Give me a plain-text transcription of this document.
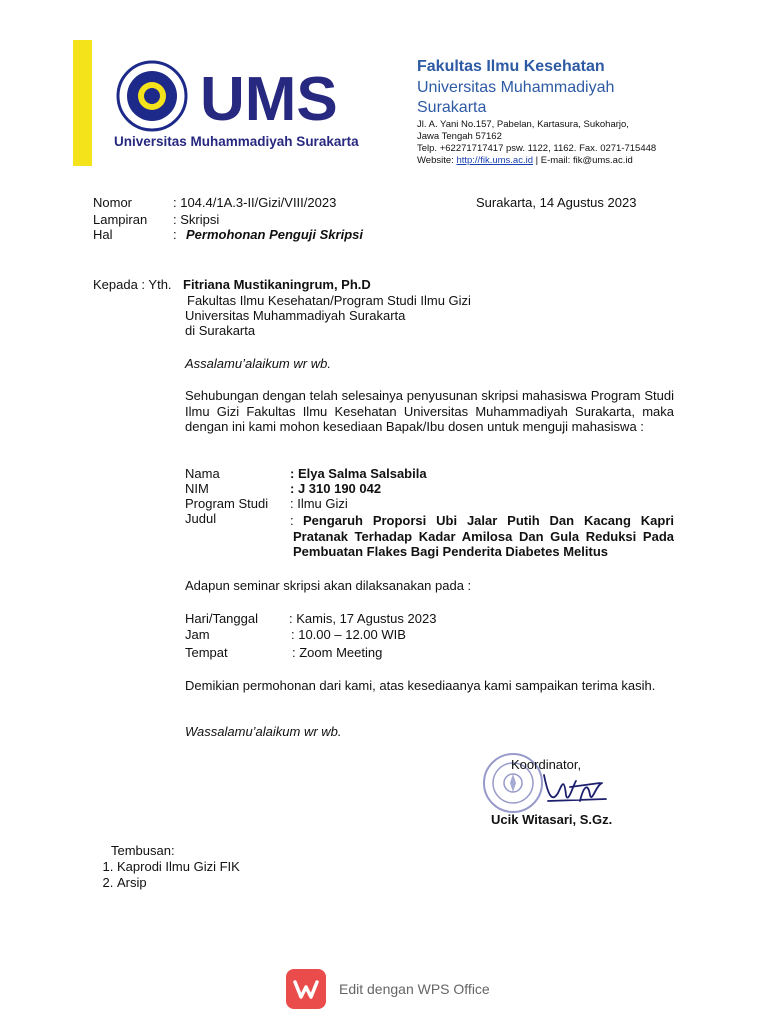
UMS
Universitas Muhammadiyah Surakarta
Fakultas Ilmu Kesehatan
Universitas Muhammadiyah Surakarta
Jl. A. Yani No.157, Pabelan, Kartasura, Sukoharjo,
Jawa Tengah 57162
Telp. +62271717417 psw. 1122, 1162. Fax. 0271-715448
Website: http://fik.ums.ac.id | E-mail: fik@ums.ac.id
Nomor	: 104.4/1A.3-II/Gizi/VIII/2023	Surakarta, 14 Agustus 2023
Lampiran : Skripsi
Hal	: Permohonan Penguji Skripsi
Kepada : Yth. Fitriana Mustikaningrum, Ph.D
Fakultas Ilmu Kesehatan/Program Studi Ilmu Gizi
Universitas Muhammadiyah Surakarta
di Surakarta
Assalamu’alaikum wr wb.
Sehubungan dengan telah selesainya penyusunan skripsi mahasiswa Program Studi Ilmu Gizi Fakultas Ilmu Kesehatan Universitas Muhammadiyah Surakarta, maka dengan ini kami mohon kesediaan Bapak/Ibu dosen untuk menguji mahasiswa :
Nama	: Elya Salma Salsabila
NIM	: J 310 190 042
Program Studi : Ilmu Gizi
Judul	: Pengaruh Proporsi Ubi Jalar Putih Dan Kacang Kapri Pratanak Terhadap Kadar Amilosa Dan Gula Reduksi Pada Pembuatan Flakes Bagi Penderita Diabetes Melitus
Adapun seminar skripsi akan dilaksanakan pada :
Hari/Tanggal : Kamis, 17 Agustus 2023
Jam	: 10.00 – 12.00 WIB
Tempat	: Zoom Meeting
Demikian permohonan dari kami, atas kesediaanya kami sampaikan terima kasih.
Wassalamu’alaikum wr wb.
Koordinator,
Ucik Witasari, S.Gz.
Tembusan:
1. Kaprodi Ilmu Gizi FIK
2. Arsip
Edit dengan WPS Office
